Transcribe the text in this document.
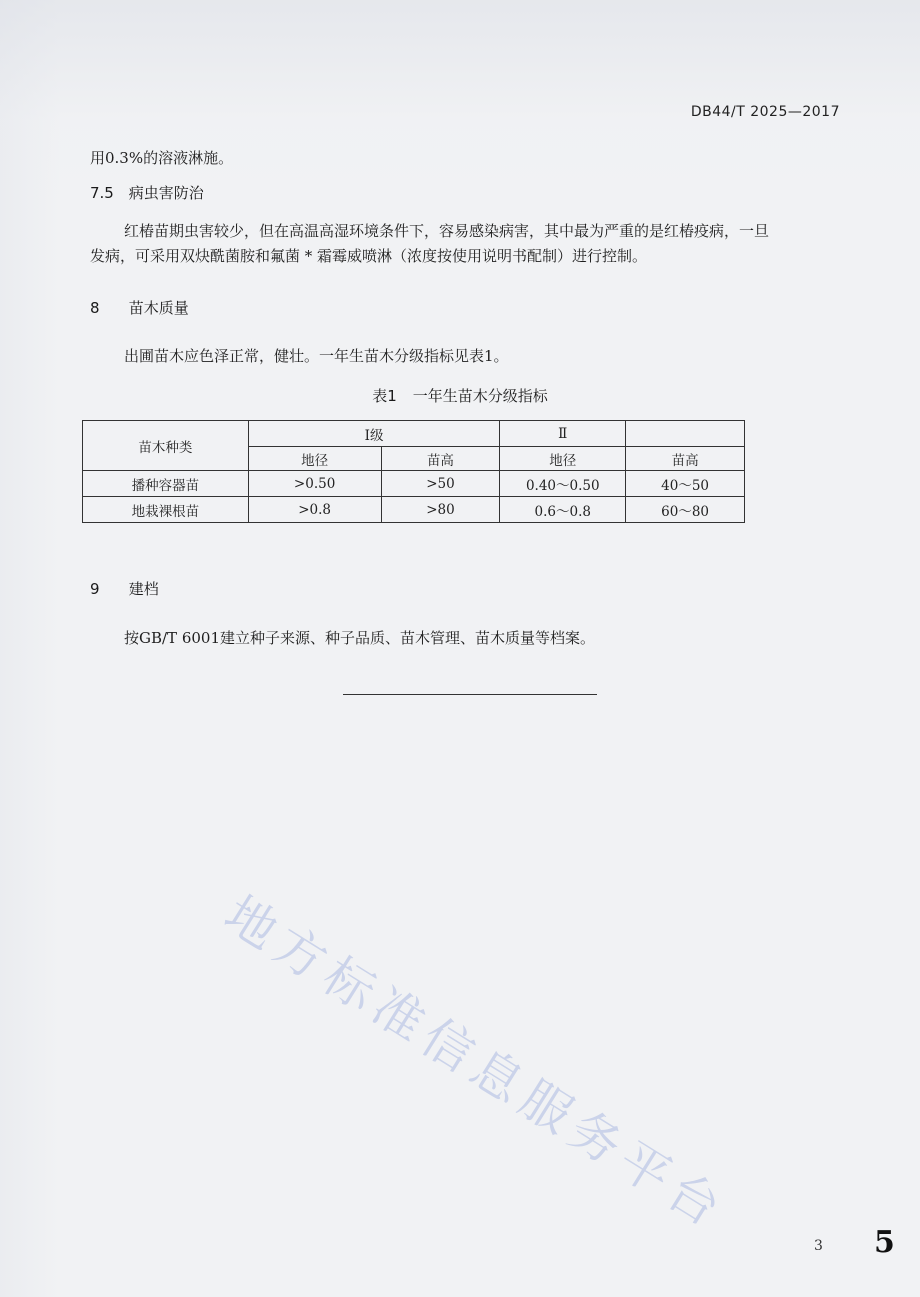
DB44/T 2025—2017
用0.3%的溶液淋施。
7.5 病虫害防治
红椿苗期虫害较少，但在高温高湿环境条件下，容易感染病害，其中最为严重的是红椿疫病，一旦
发病，可采用双炔酰菌胺和氟菌 * 霜霉威喷淋（浓度按使用说明书配制）进行控制。
8 苗木质量
出圃苗木应色泽正常，健壮。一年生苗木分级指标见表1。
表1 一年生苗木分级指标
苗木种类	Ⅰ级		Ⅱ	
	地径	苗高	地径	苗高
播种容器苗	>0.50	>50	0.40～0.50	40～50
地栽裸根苗	>0.8	>80	0.6～0.8	60～80
9 建档
按GB/T 6001建立种子来源、种子品质、苗木管理、苗木质量等档案。
地方标准信息服务平台
3 5
